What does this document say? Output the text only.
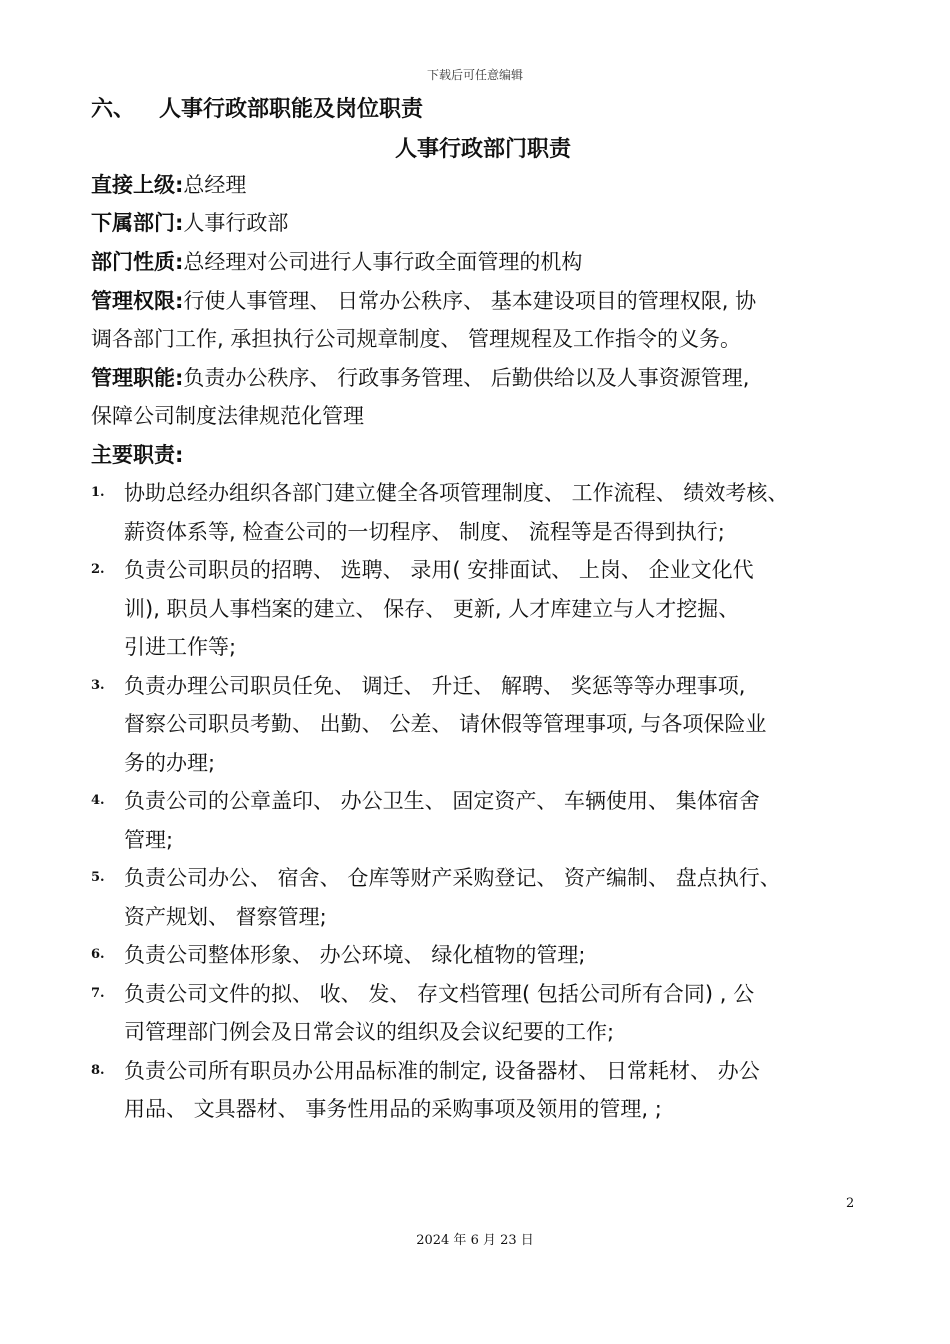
下载后可任意编辑
六、 人事行政部职能及岗位职责
人事行政部门职责
直接上级:总经理
下属部门:人事行政部
部门性质:总经理对公司进行人事行政全面管理的机构
管理权限:行使人事管理、 日常办公秩序、 基本建设项目的管理权限, 协
调各部门工作, 承担执行公司规章制度、 管理规程及工作指令的义务。
管理职能:负责办公秩序、 行政事务管理、 后勤供给以及人事资源管理,
保障公司制度法律规范化管理
主要职责:
1. 协助总经办组织各部门建立健全各项管理制度、 工作流程、 绩效考核、
薪资体系等, 检查公司的一切程序、 制度、 流程等是否得到执行;
2. 负责公司职员的招聘、 选聘、 录用( 安排面试、 上岗、 企业文化代
训), 职员人事档案的建立、 保存、 更新, 人才库建立与人才挖掘、
引进工作等;
3. 负责办理公司职员任免、 调迁、 升迁、 解聘、 奖惩等等办理事项,
督察公司职员考勤、 出勤、 公差、 请休假等管理事项, 与各项保险业
务的办理;
4. 负责公司的公章盖印、 办公卫生、 固定资产、 车辆使用、 集体宿舍
管理;
5. 负责公司办公、 宿舍、 仓库等财产采购登记、 资产编制、 盘点执行、
资产规划、 督察管理;
6. 负责公司整体形象、 办公环境、 绿化植物的管理;
7. 负责公司文件的拟、 收、 发、 存文档管理( 包括公司所有合同) , 公
司管理部门例会及日常会议的组织及会议纪要的工作;
8. 负责公司所有职员办公用品标准的制定, 设备器材、 日常耗材、 办公
用品、 文具器材、 事务性用品的采购事项及领用的管理, ;
2
2024 年 6 月 23 日
